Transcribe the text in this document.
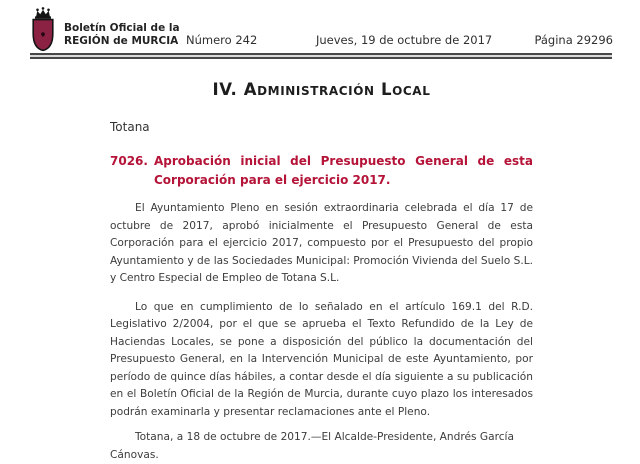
Boletín Oficial de la
REGIÓN de MURCIA Número 242	Jueves, 19 de octubre de 2017	Página 29296
IV. Administración Local
Totana
7026. Aprobación inicial del Presupuesto General de esta Corporación para el ejercicio 2017.

El Ayuntamiento Pleno en sesión extraordinaria celebrada el día 17 de octubre de 2017, aprobó inicialmente el Presupuesto General de esta Corporación para el ejercicio 2017, compuesto por el Presupuesto del propio Ayuntamiento y de las Sociedades Municipal: Promoción Vivienda del Suelo S.L. y Centro Especial de Empleo de Totana S.L.

Lo que en cumplimiento de lo señalado en el artículo 169.1 del R.D. Legislativo 2/2004, por el que se aprueba el Texto Refundido de la Ley de Haciendas Locales, se pone a disposición del público la documentación del Presupuesto General, en la Intervención Municipal de este Ayuntamiento, por período de quince días hábiles, a contar desde el día siguiente a su publicación en el Boletín Oficial de la Región de Murcia, durante cuyo plazo los interesados podrán examinarla y presentar reclamaciones ante el Pleno.

Totana, a 18 de octubre de 2017.—El Alcalde-Presidente, Andrés García Cánovas.
